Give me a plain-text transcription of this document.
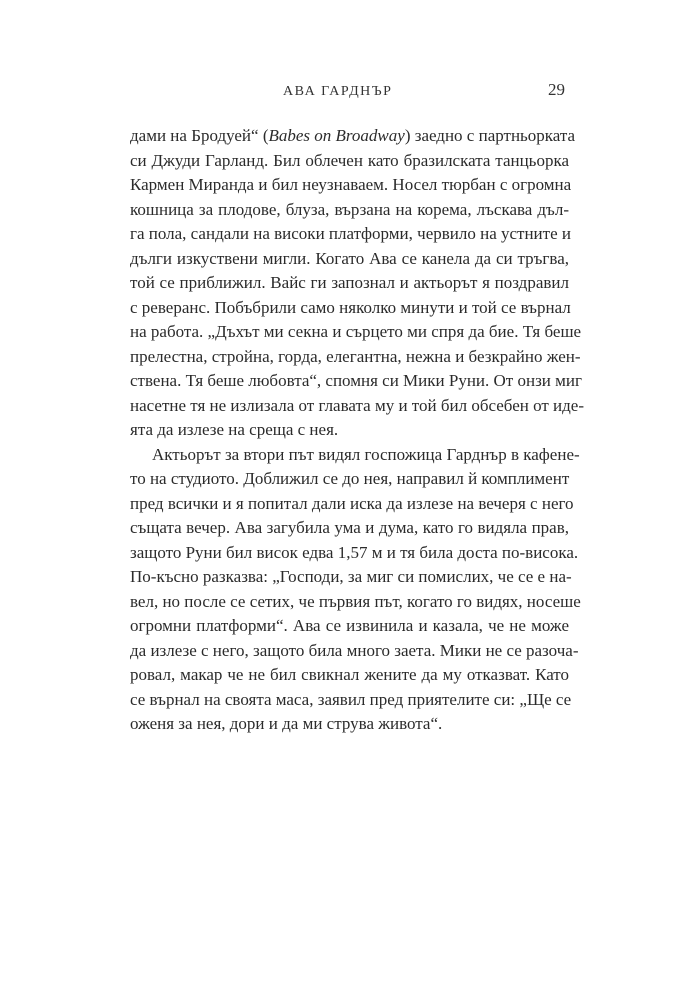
АВА ГАРДНЪР	29
дами на Бродуей“ (Babes on Broadway) заедно с партньорката
си Джуди Гарланд. Бил облечен като бразилската танцьорка
Кармен Миранда и бил неузнаваем. Носел тюрбан с огромна
кошница за плодове, блуза, вързана на корема, лъскава дъл-
га пола, сандали на високи платформи, червило на устните и
дълги изкуствени мигли. Когато Ава се канела да си тръгва,
той се приближил. Вайс ги запознал и актьорът я поздравил
с реверанс. Побъбрили само няколко минути и той се върнал
на работа. „Дъхът ми секна и сърцето ми спря да бие. Тя беше
прелестна, стройна, горда, елегантна, нежна и безкрайно жен-
ствена. Тя беше любовта“, спомня си Мики Руни. От онзи миг
насетне тя не излизала от главата му и той бил обсебен от иде-
ята да излезе на среща с нея.
Актьорът за втори път видял госпожица Гарднър в кафене-
то на студиото. Доближил се до нея, направил й комплимент
пред всички и я попитал дали иска да излезе на вечеря с него
същата вечер. Ава загубила ума и дума, като го видяла прав,
защото Руни бил висок едва 1,57 м и тя била доста по-висока.
По-късно разказва: „Господи, за миг си помислих, че се е на-
вел, но после се сетих, че първия път, когато го видях, носеше
огромни платформи“. Ава се извинила и казала, че не може
да излезе с него, защото била много заета. Мики не се разоча-
ровал, макар че не бил свикнал жените да му отказват. Като
се върнал на своята маса, заявил пред приятелите си: „Ще се
оженя за нея, дори и да ми струва живота“.
